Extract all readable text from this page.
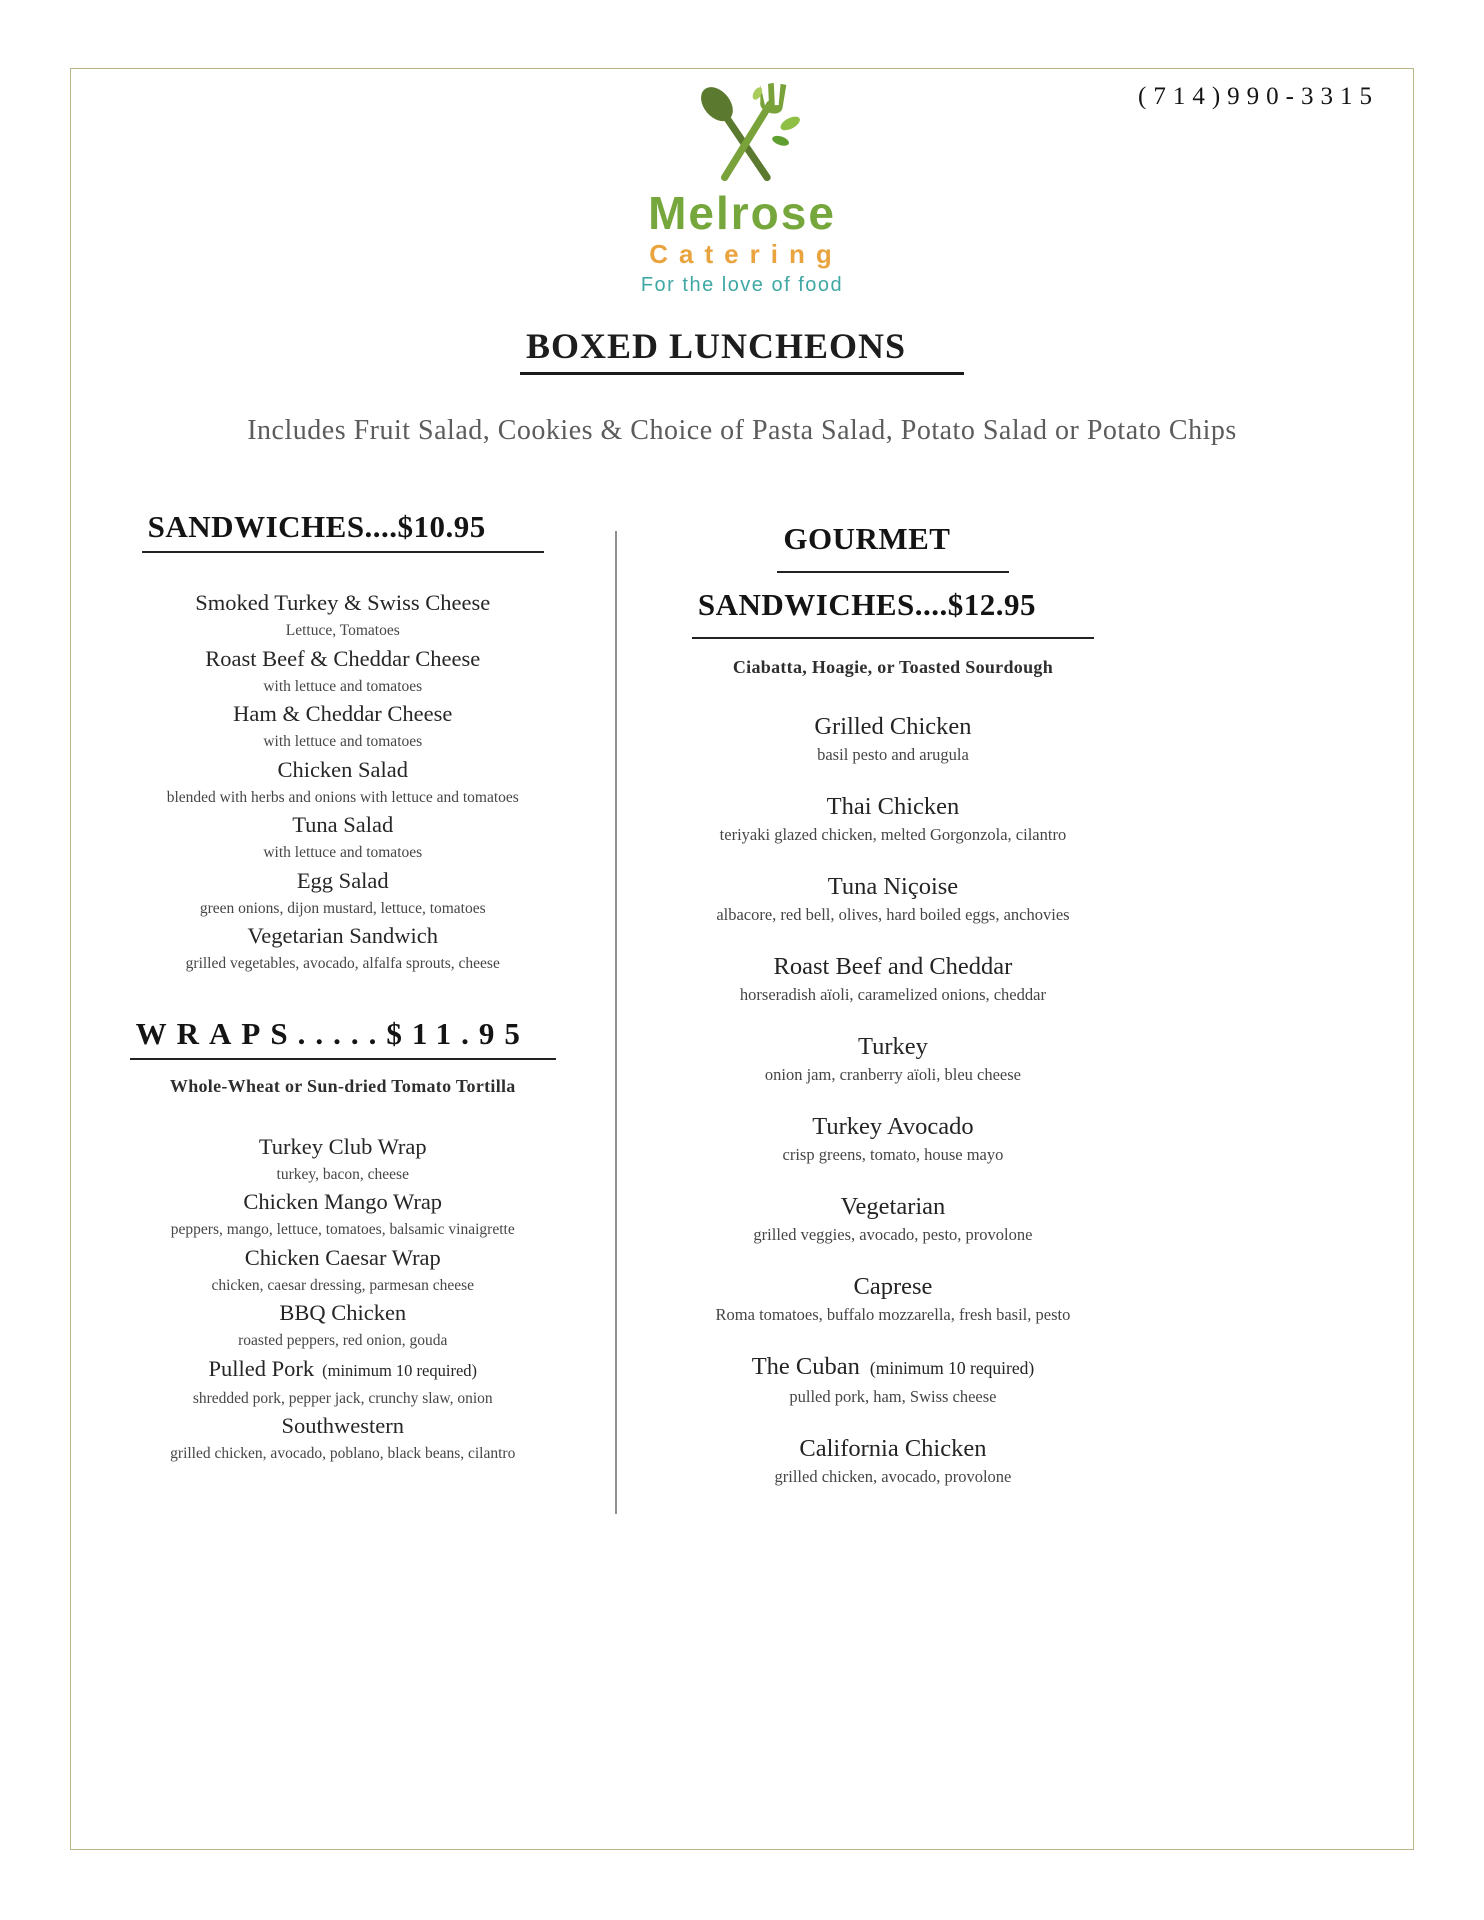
(714)990-3315
Melrose
Catering
For the love of food
BOXED LUNCHEONS
Includes Fruit Salad, Cookies & Choice of Pasta Salad, Potato Salad or Potato Chips
SANDWICHES....$10.95
Smoked Turkey & Swiss Cheese
Lettuce, Tomatoes
Roast Beef & Cheddar Cheese
with lettuce and tomatoes
Ham & Cheddar Cheese
with lettuce and tomatoes
Chicken Salad
blended with herbs and onions with lettuce and tomatoes
Tuna Salad
with lettuce and tomatoes
Egg Salad
green onions, dijon mustard, lettuce, tomatoes
Vegetarian Sandwich
grilled vegetables, avocado, alfalfa sprouts, cheese
WRAPS.....$11.95
Whole-Wheat or Sun-dried Tomato Tortilla
Turkey Club Wrap
turkey, bacon, cheese
Chicken Mango Wrap
peppers, mango, lettuce, tomatoes, balsamic vinaigrette
Chicken Caesar Wrap
chicken, caesar dressing, parmesan cheese
BBQ Chicken
roasted peppers, red onion, gouda
Pulled Pork (minimum 10 required)
shredded pork, pepper jack, crunchy slaw, onion
Southwestern
grilled chicken, avocado, poblano, black beans, cilantro
GOURMET
SANDWICHES....$12.95
Ciabatta, Hoagie, or Toasted Sourdough
Grilled Chicken
basil pesto and arugula
Thai Chicken
teriyaki glazed chicken, melted Gorgonzola, cilantro
Tuna Niçoise
albacore, red bell, olives, hard boiled eggs, anchovies
Roast Beef and Cheddar
horseradish aïoli, caramelized onions, cheddar
Turkey
onion jam, cranberry aïoli, bleu cheese
Turkey Avocado
crisp greens, tomato, house mayo
Vegetarian
grilled veggies, avocado, pesto, provolone
Caprese
Roma tomatoes, buffalo mozzarella, fresh basil, pesto
The Cuban (minimum 10 required)
pulled pork, ham, Swiss cheese
California Chicken
grilled chicken, avocado, provolone
